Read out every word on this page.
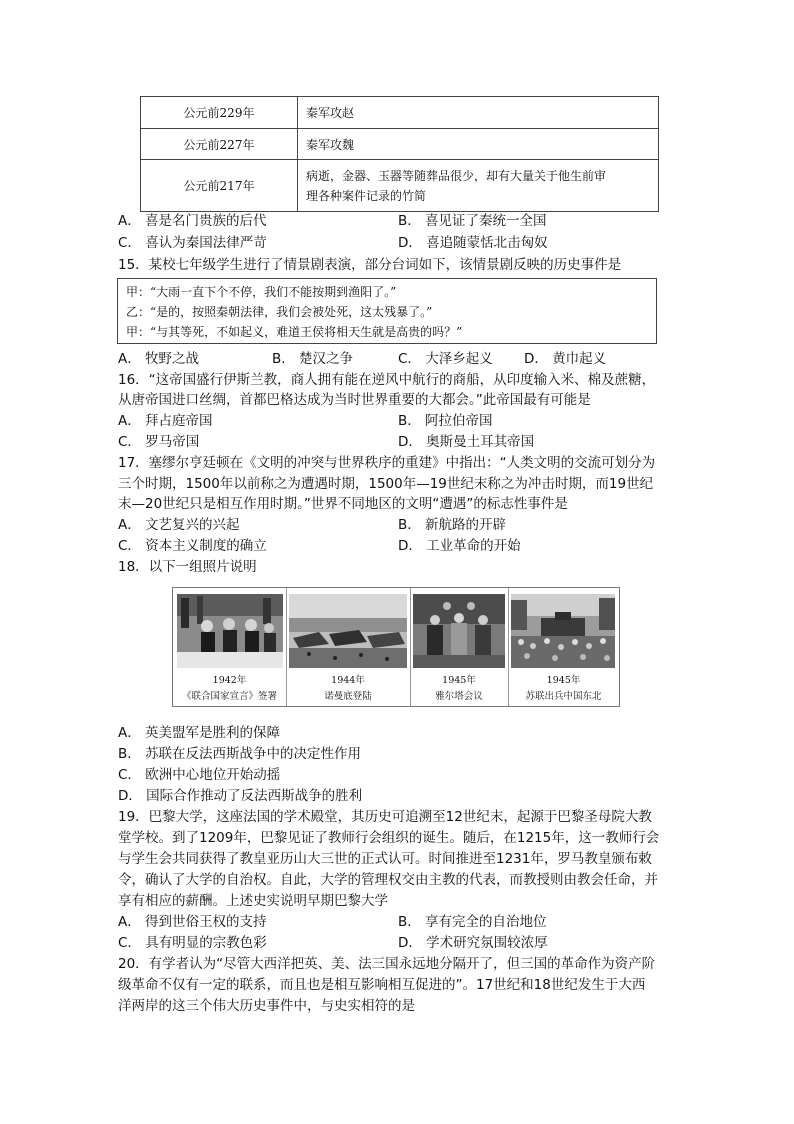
公元前229年	秦军攻赵
公元前227年	秦军攻魏
公元前217年	病逝，金器、玉器等随葬品很少，却有大量关于他生前审
理各种案件记录的竹简
A． 喜是名门贵族的后代	B． 喜见证了秦统一全国
C． 喜认为秦国法律严苛	D． 喜追随蒙恬北击匈奴
15．某校七年级学生进行了情景剧表演，部分台词如下，该情景剧反映的历史事件是
甲：“大雨一直下个不停，我们不能按期到渔阳了。”
乙：“是的，按照秦朝法律，我们会被处死，这太残暴了。”
甲：“与其等死，不如起义，难道王侯将相天生就是高贵的吗？”
A． 牧野之战	B． 楚汉之争	C． 大泽乡起义 D． 黄巾起义
16．“这帝国盛行伊斯兰教，商人拥有能在逆风中航行的商船，从印度输入米、棉及蔗糖，
从唐帝国进口丝绸，首都巴格达成为当时世界重要的大都会。”此帝国最有可能是
A． 拜占庭帝国	B． 阿拉伯帝国
C． 罗马帝国	D． 奥斯曼土耳其帝国
17．塞缪尔亨廷顿在《文明的冲突与世界秩序的重建》中指出：“人类文明的交流可划分为
三个时期，1500年以前称之为遭遇时期，1500年—19世纪末称之为冲击时期，而19世纪
末—20世纪只是相互作用时期。”世界不同地区的文明“遭遇”的标志性事件是
A． 文艺复兴的兴起	B． 新航路的开辟
C． 资本主义制度的确立	D． 工业革命的开始
18．以下一组照片说明
1942年
《联合国家宣言》签署
1944年
诺曼底登陆
1945年
雅尔塔会议
1945年
苏联出兵中国东北
A． 英美盟军是胜利的保障
B． 苏联在反法西斯战争中的决定性作用
C． 欧洲中心地位开始动摇
D． 国际合作推动了反法西斯战争的胜利
19．巴黎大学，这座法国的学术殿堂，其历史可追溯至12世纪末，起源于巴黎圣母院大教
堂学校。到了1209年，巴黎见证了教师行会组织的诞生。随后，在1215年，这一教师行会
与学生会共同获得了教皇亚历山大三世的正式认可。时间推进至1231年，罗马教皇颁布敕
令，确认了大学的自治权。自此，大学的管理权交由主教的代表，而教授则由教会任命，并
享有相应的薪酬。上述史实说明早期巴黎大学
A． 得到世俗王权的支持	B． 享有完全的自治地位
C． 具有明显的宗教色彩	D． 学术研究氛围较浓厚
20．有学者认为“尽管大西洋把英、美、法三国永远地分隔开了，但三国的革命作为资产阶
级革命不仅有一定的联系，而且也是相互影响相互促进的”。17世纪和18世纪发生于大西
洋两岸的这三个伟大历史事件中，与史实相符的是
